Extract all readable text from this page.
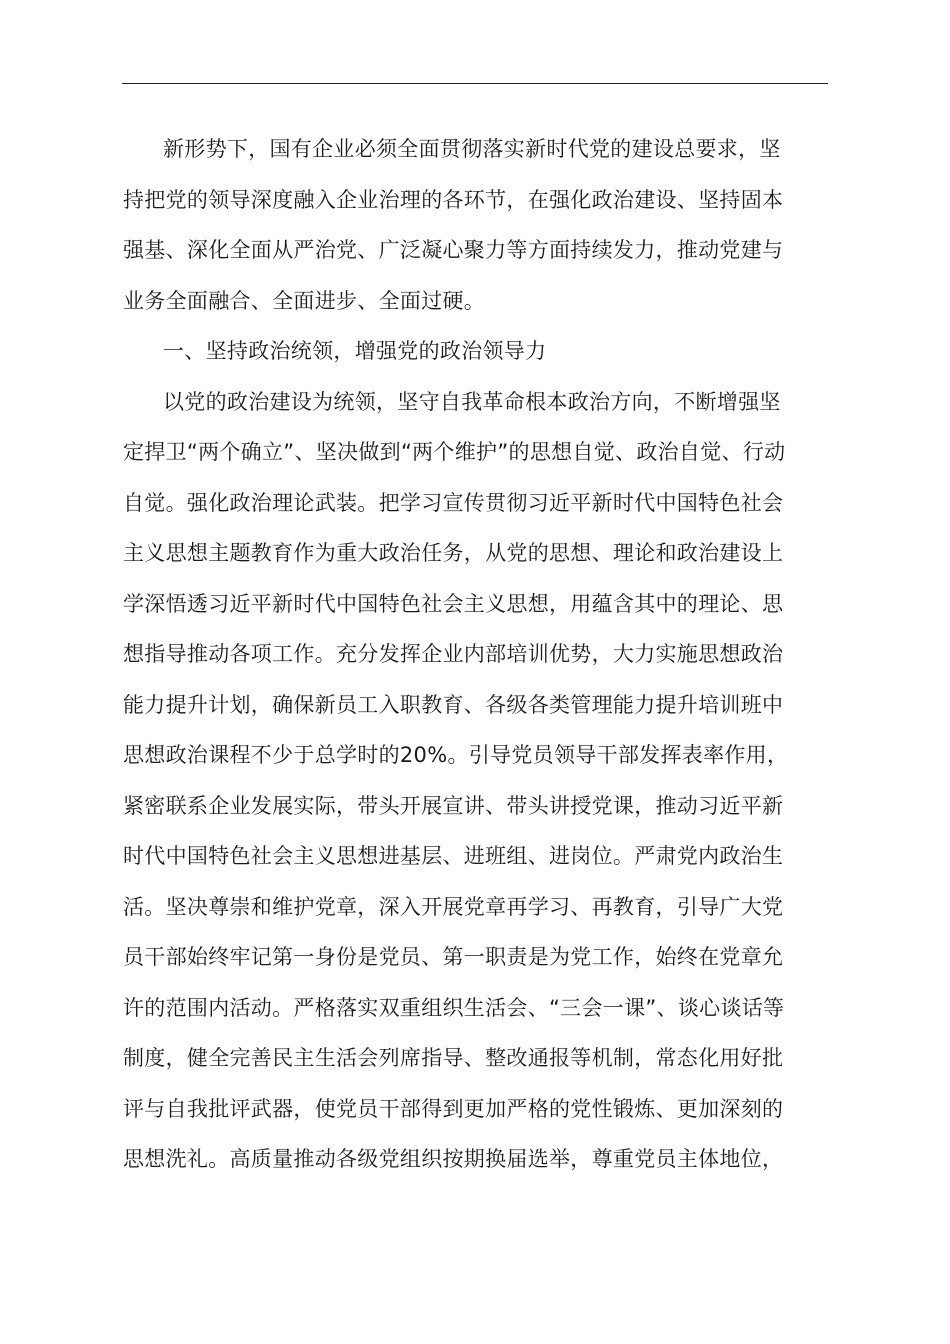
新形势下，国有企业必须全面贯彻落实新时代党的建设总要求，坚
持把党的领导深度融入企业治理的各环节，在强化政治建设、坚持固本
强基、深化全面从严治党、广泛凝心聚力等方面持续发力，推动党建与
业务全面融合、全面进步、全面过硬。
一、坚持政治统领，增强党的政治领导力
以党的政治建设为统领，坚守自我革命根本政治方向，不断增强坚
定捍卫“两个确立”、坚决做到“两个维护”的思想自觉、政治自觉、行动
自觉。强化政治理论武装。把学习宣传贯彻习近平新时代中国特色社会
主义思想主题教育作为重大政治任务，从党的思想、理论和政治建设上
学深悟透习近平新时代中国特色社会主义思想，用蕴含其中的理论、思
想指导推动各项工作。充分发挥企业内部培训优势，大力实施思想政治
能力提升计划，确保新员工入职教育、各级各类管理能力提升培训班中
思想政治课程不少于总学时的20%。引导党员领导干部发挥表率作用，
紧密联系企业发展实际，带头开展宣讲、带头讲授党课，推动习近平新
时代中国特色社会主义思想进基层、进班组、进岗位。严肃党内政治生
活。坚决尊崇和维护党章，深入开展党章再学习、再教育，引导广大党
员干部始终牢记第一身份是党员、第一职责是为党工作，始终在党章允
许的范围内活动。严格落实双重组织生活会、“三会一课”、谈心谈话等
制度，健全完善民主生活会列席指导、整改通报等机制，常态化用好批
评与自我批评武器，使党员干部得到更加严格的党性锻炼、更加深刻的
思想洗礼。高质量推动各级党组织按期换届选举，尊重党员主体地位，
